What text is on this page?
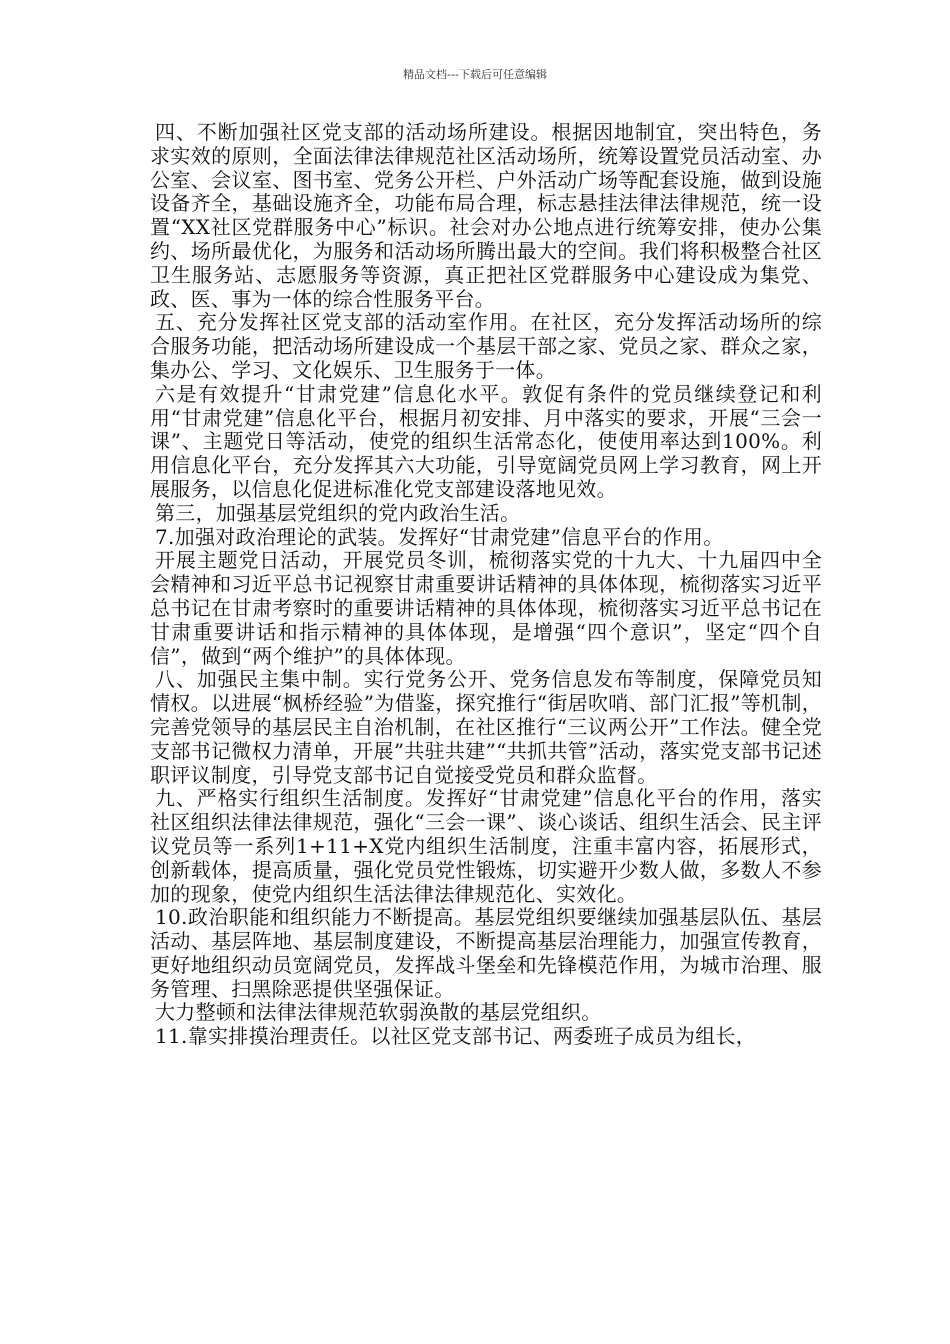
精品文档---下载后可任意编辑

四、不断加强社区党支部的活动场所建设。根据因地制宜，突出特色，务求实效的原则，全面法律法律规范社区活动场所，统筹设置党员活动室、办公室、会议室、图书室、党务公开栏、户外活动广场等配套设施，做到设施设备齐全，基础设施齐全，功能布局合理，标志悬挂法律法律规范，统一设置“XX社区党群服务中心”标识。社会对办公地点进行统筹安排，使办公集约、场所最优化，为服务和活动场所腾出最大的空间。我们将积极整合社区卫生服务站、志愿服务等资源，真正把社区党群服务中心建设成为集党、政、医、事为一体的综合性服务平台。

五、充分发挥社区党支部的活动室作用。在社区，充分发挥活动场所的综合服务功能，把活动场所建设成一个基层干部之家、党员之家、群众之家，集办公、学习、文化娱乐、卫生服务于一体。

六是有效提升“甘肃党建”信息化水平。敦促有条件的党员继续登记和利用“甘肃党建”信息化平台，根据月初安排、月中落实的要求，开展“三会一课”、主题党日等活动，使党的组织生活常态化，使使用率达到100%。利用信息化平台，充分发挥其六大功能，引导宽阔党员网上学习教育，网上开展服务，以信息化促进标准化党支部建设落地见效。

第三，加强基层党组织的党内政治生活。

7.加强对政治理论的武装。发挥好“甘肃党建”信息平台的作用。

开展主题党日活动，开展党员冬训，梳彻落实党的十九大、十九届四中全会精神和习近平总书记视察甘肃重要讲话精神的具体体现，梳彻落实习近平总书记在甘肃考察时的重要讲话精神的具体体现，梳彻落实习近平总书记在甘肃重要讲话和指示精神的具体体现，是增强“四个意识”，坚定“四个自信”，做到“两个维护”的具体体现。

八、加强民主集中制。实行党务公开、党务信息发布等制度，保障党员知情权。以进展“枫桥经验”为借鉴，探究推行“街居吹哨、部门汇报”等机制，完善党领导的基层民主自治机制，在社区推行“三议两公开”工作法。健全党支部书记微权力清单，开展”共驻共建”“共抓共管”活动，落实党支部书记述职评议制度，引导党支部书记自觉接受党员和群众监督。

九、严格实行组织生活制度。发挥好“甘肃党建”信息化平台的作用，落实社区组织法律法律规范，强化“三会一课”、谈心谈话、组织生活会、民主评议党员等一系列1+11+X党内组织生活制度，注重丰富内容，拓展形式，创新载体，提高质量，强化党员党性锻炼，切实避开少数人做，多数人不参加的现象，使党内组织生活法律法律规范化、实效化。

10.政治职能和组织能力不断提高。基层党组织要继续加强基层队伍、基层活动、基层阵地、基层制度建设，不断提高基层治理能力，加强宣传教育，更好地组织动员宽阔党员，发挥战斗堡垒和先锋模范作用，为城市治理、服务管理、扫黑除恶提供坚强保证。

大力整顿和法律法律规范软弱涣散的基层党组织。

11.靠实排摸治理责任。以社区党支部书记、两委班子成员为组长，
